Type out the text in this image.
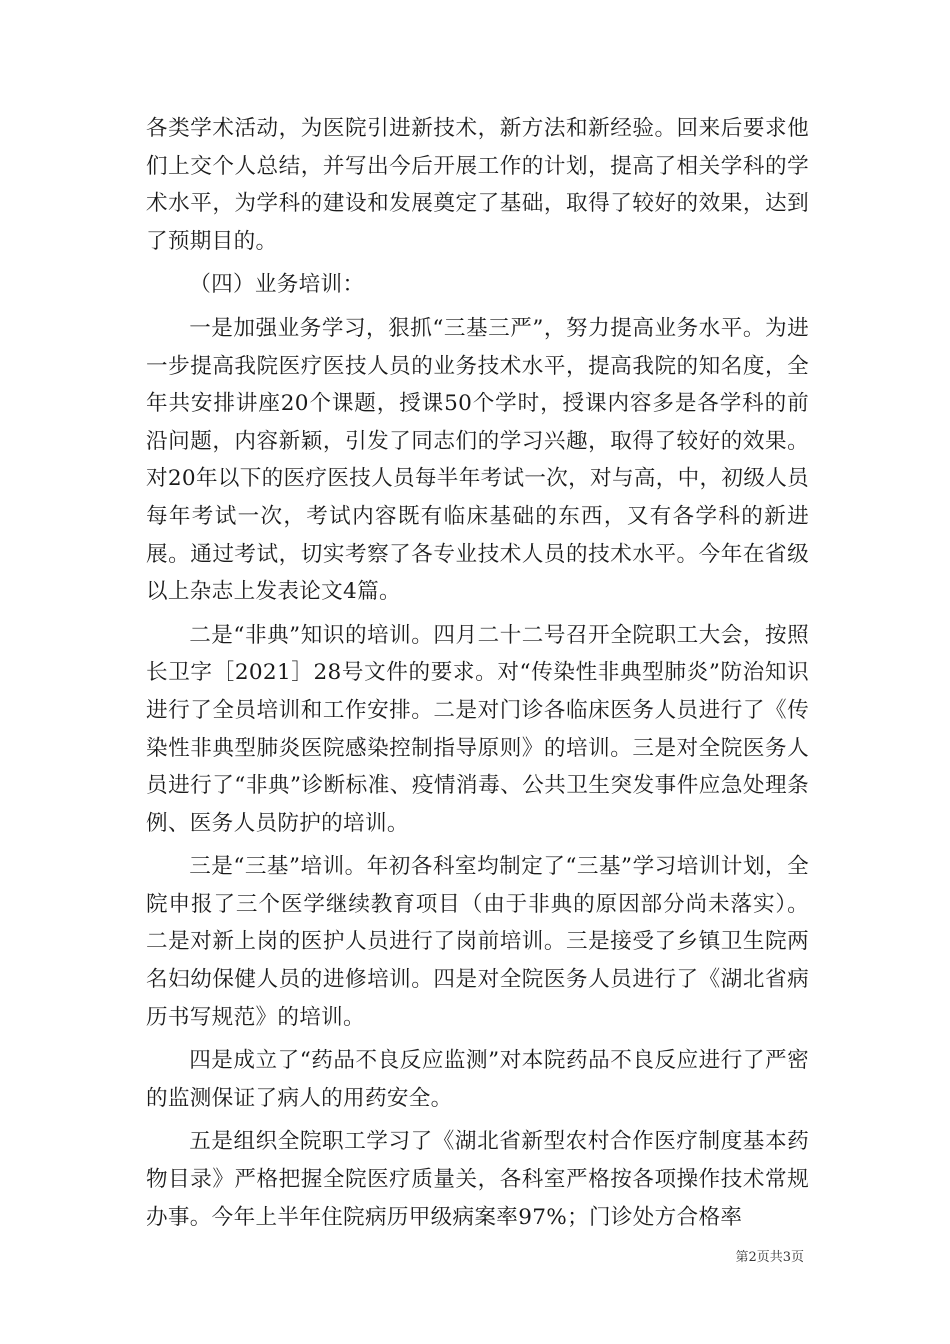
各类学术活动，为医院引进新技术，新方法和新经验。回来后要求他们上交个人总结，并写出今后开展工作的计划，提高了相关学科的学术水平，为学科的建设和发展奠定了基础，取得了较好的效果，达到了预期目的。

（四）业务培训：

一是加强业务学习，狠抓“三基三严”，努力提高业务水平。为进一步提高我院医疗医技人员的业务技术水平，提高我院的知名度，全年共安排讲座20个课题，授课50个学时，授课内容多是各学科的前沿问题，内容新颖，引发了同志们的学习兴趣，取得了较好的效果。对20年以下的医疗医技人员每半年考试一次，对与高，中，初级人员每年考试一次，考试内容既有临床基础的东西，又有各学科的新进展。通过考试，切实考察了各专业技术人员的技术水平。今年在省级以上杂志上发表论文4篇。

二是“非典”知识的培训。四月二十二号召开全院职工大会，按照长卫字［2021］28号文件的要求。对“传染性非典型肺炎”防治知识进行了全员培训和工作安排。二是对门诊各临床医务人员进行了《传染性非典型肺炎医院感染控制指导原则》的培训。三是对全院医务人员进行了“非典”诊断标准、疫情消毒、公共卫生突发事件应急处理条例、医务人员防护的培训。

三是“三基”培训。年初各科室均制定了“三基”学习培训计划，全院申报了三个医学继续教育项目（由于非典的原因部分尚未落实）。二是对新上岗的医护人员进行了岗前培训。三是接受了乡镇卫生院两名妇幼保健人员的进修培训。四是对全院医务人员进行了《湖北省病历书写规范》的培训。

四是成立了“药品不良反应监测”对本院药品不良反应进行了严密的监测保证了病人的用药安全。

五是组织全院职工学习了《湖北省新型农村合作医疗制度基本药物目录》严格把握全院医疗质量关，各科室严格按各项操作技术常规办事。今年上半年住院病历甲级病案率97%；门诊处方合格率

第2页共3页
